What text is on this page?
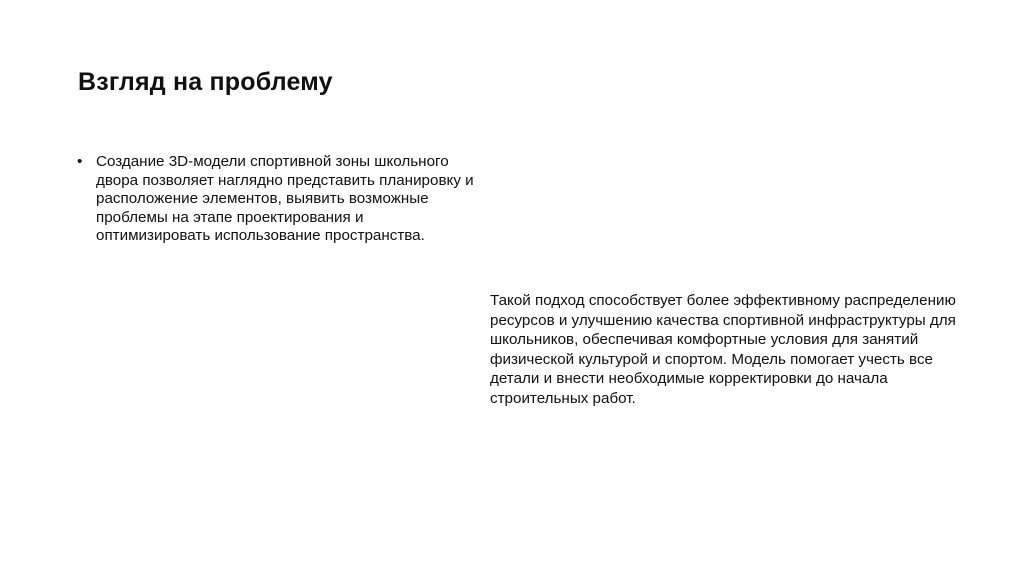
Взгляд на проблему
• Создание 3D-модели спортивной зоны школьного
двора позволяет наглядно представить планировку и
расположение элементов, выявить возможные
проблемы на этапе проектирования и
оптимизировать использование пространства.
Такой подход способствует более эффективному распределению
ресурсов и улучшению качества спортивной инфраструктуры для
школьников, обеспечивая комфортные условия для занятий
физической культурой и спортом. Модель помогает учесть все
детали и внести необходимые корректировки до начала
строительных работ.
